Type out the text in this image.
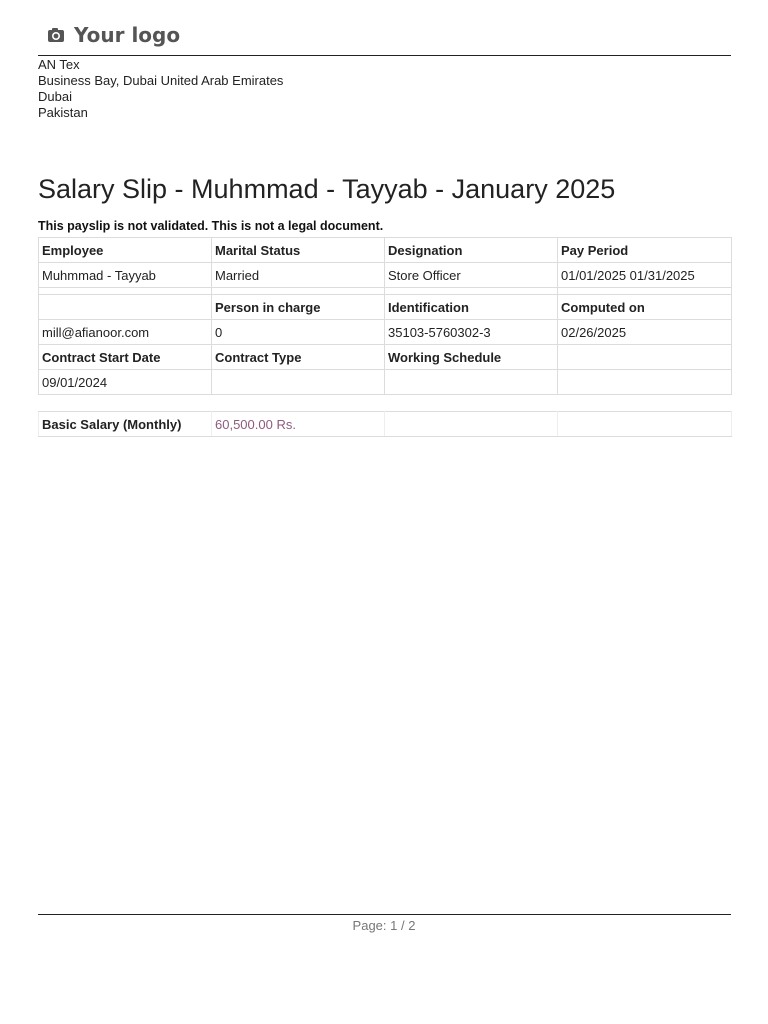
Your logo
AN Tex
Business Bay, Dubai United Arab Emirates
Dubai
Pakistan
Salary Slip - Muhmmad - Tayyab - January 2025
This payslip is not validated. This is not a legal document.
Employee	Marital Status	Designation	Pay Period
Muhmmad - Tayyab	Married	Store Officer	01/01/2025 01/31/2025

	Person in charge	Identification	Computed on
mill@afianoor.com	0	35103-5760302-3	02/26/2025
Contract Start Date	Contract Type	Working Schedule	
09/01/2024			
Basic Salary (Monthly)	60,500.00 Rs.		
Page: 1 / 2
